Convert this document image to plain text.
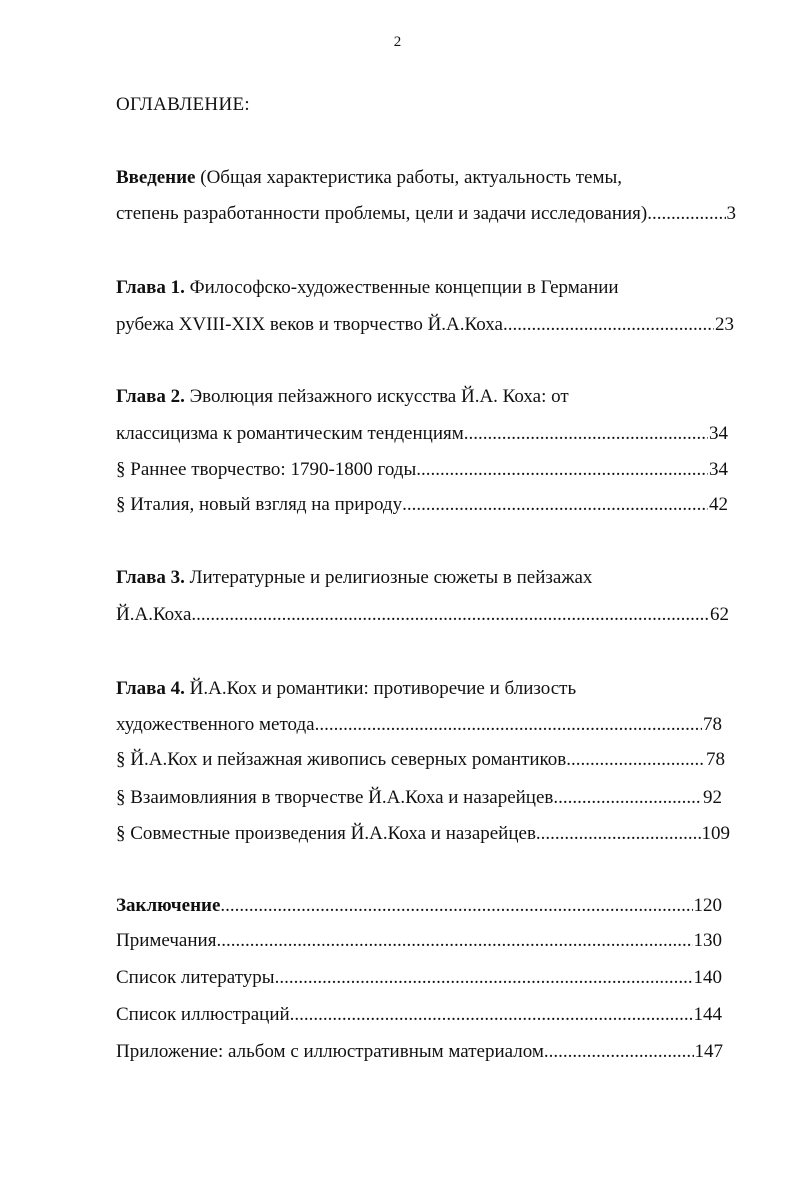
2
ОГЛАВЛЕНИЕ:
Введение (Общая характеристика работы, актуальность темы,
степень разработанности проблемы, цели и задачи исследования) .....	3
Глава 1. Философско-художественные концепции в Германии
рубежа XVIII-XIX веков и творчество Й.А.Коха .....	23
Глава 2. Эволюция пейзажного искусства Й.А. Коха: от
классицизма к романтическим тенденциям .....	34
§ Раннее творчество: 1790-1800 годы .....	34
§ Италия, новый взгляд на природу .....	42
Глава 3. Литературные и религиозные сюжеты в пейзажах
Й.А.Коха .....	62
Глава 4. Й.А.Кох и романтики: противоречие и близость
художественного метода .....	78
§ Й.А.Кох и пейзажная живопись северных романтиков .....	78
§ Взаимовлияния в творчестве Й.А.Коха и назарейцев .....	92
§ Совместные произведения Й.А.Коха и назарейцев .....	109
Заключение .....	120
Примечания .....	130
Список литературы .....	140
Список иллюстраций .....	144
Приложение: альбом с иллюстративным материалом .....	147
